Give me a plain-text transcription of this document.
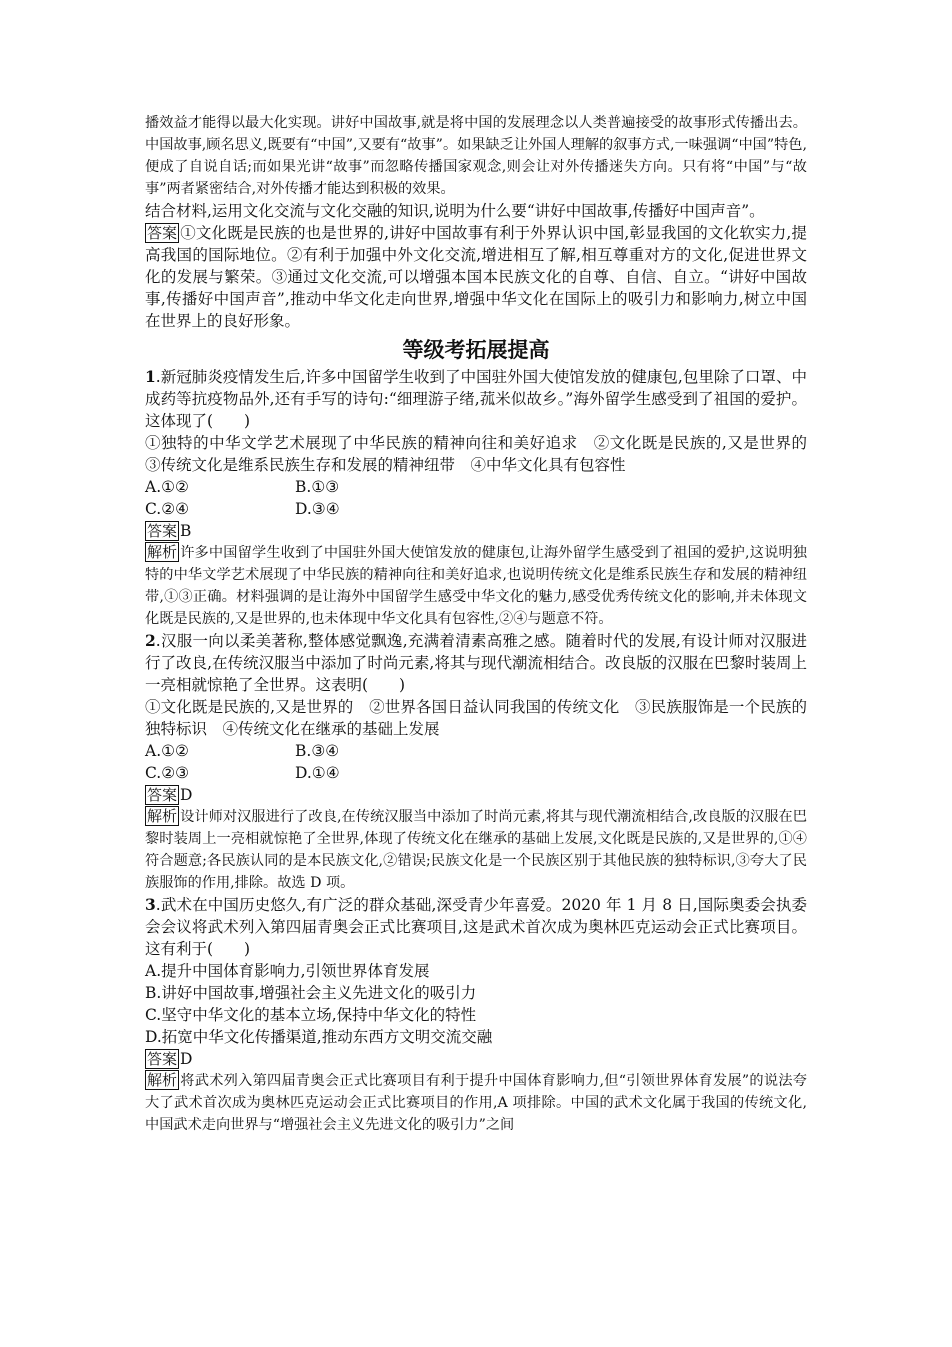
播效益才能得以最大化实现。讲好中国故事,就是将中国的发展理念以人类普遍接受的故事形式传播出去。中国故事,顾名思义,既要有“中国”,又要有“故事”。如果缺乏让外国人理解的叙事方式,一味强调“中国”特色,便成了自说自话;而如果光讲“故事”而忽略传播国家观念,则会让对外传播迷失方向。只有将“中国”与“故事”两者紧密结合,对外传播才能达到积极的效果。

结合材料,运用文化交流与文化交融的知识,说明为什么要“讲好中国故事,传播好中国声音”。

答案 ①文化既是民族的也是世界的,讲好中国故事有利于外界认识中国,彰显我国的文化软实力,提高我国的国际地位。②有利于加强中外文化交流,增进相互了解,相互尊重对方的文化,促进世界文化的发展与繁荣。③通过文化交流,可以增强本国本民族文化的自尊、自信、自立。“讲好中国故事,传播好中国声音”,推动中华文化走向世界,增强中华文化在国际上的吸引力和影响力,树立中国在世界上的良好形象。

等级考拓展提高

1.新冠肺炎疫情发生后,许多中国留学生收到了中国驻外国大使馆发放的健康包,包里除了口罩、中成药等抗疫物品外,还有手写的诗句:“细理游子绪,菰米似故乡。”海外留学生感受到了祖国的爱护。这体现了(　　)

①独特的中华文学艺术展现了中华民族的精神向往和美好追求　②文化既是民族的,又是世界的　③传统文化是维系民族生存和发展的精神纽带　④中华文化具有包容性

A.①②	B.①③
C.②④	D.③④

答案 B

解析 许多中国留学生收到了中国驻外国大使馆发放的健康包,让海外留学生感受到了祖国的爱护,这说明独特的中华文学艺术展现了中华民族的精神向往和美好追求,也说明传统文化是维系民族生存和发展的精神纽带,①③正确。材料强调的是让海外中国留学生感受中华文化的魅力,感受优秀传统文化的影响,并未体现文化既是民族的,又是世界的,也未体现中华文化具有包容性,②④与题意不符。

2.汉服一向以柔美著称,整体感觉飘逸,充满着清素高雅之感。随着时代的发展,有设计师对汉服进行了改良,在传统汉服当中添加了时尚元素,将其与现代潮流相结合。改良版的汉服在巴黎时装周上一亮相就惊艳了全世界。这表明(　　)

①文化既是民族的,又是世界的　②世界各国日益认同我国的传统文化　③民族服饰是一个民族的独特标识　④传统文化在继承的基础上发展

A.①②	B.③④
C.②③	D.①④

答案 D

解析 设计师对汉服进行了改良,在传统汉服当中添加了时尚元素,将其与现代潮流相结合,改良版的汉服在巴黎时装周上一亮相就惊艳了全世界,体现了传统文化在继承的基础上发展,文化既是民族的,又是世界的,①④符合题意;各民族认同的是本民族文化,②错误;民族文化是一个民族区别于其他民族的独特标识,③夸大了民族服饰的作用,排除。故选 D 项。

3.武术在中国历史悠久,有广泛的群众基础,深受青少年喜爱。2020 年 1 月 8 日,国际奥委会执委会会议将武术列入第四届青奥会正式比赛项目,这是武术首次成为奥林匹克运动会正式比赛项目。这有利于(　　)

A.提升中国体育影响力,引领世界体育发展
B.讲好中国故事,增强社会主义先进文化的吸引力
C.坚守中华文化的基本立场,保持中华文化的特性
D.拓宽中华文化传播渠道,推动东西方文明交流交融

答案 D

解析 将武术列入第四届青奥会正式比赛项目有利于提升中国体育影响力,但“引领世界体育发展”的说法夸大了武术首次成为奥林匹克运动会正式比赛项目的作用,A 项排除。中国的武术文化属于我国的传统文化,中国武术走向世界与“增强社会主义先进文化的吸引力”之间
